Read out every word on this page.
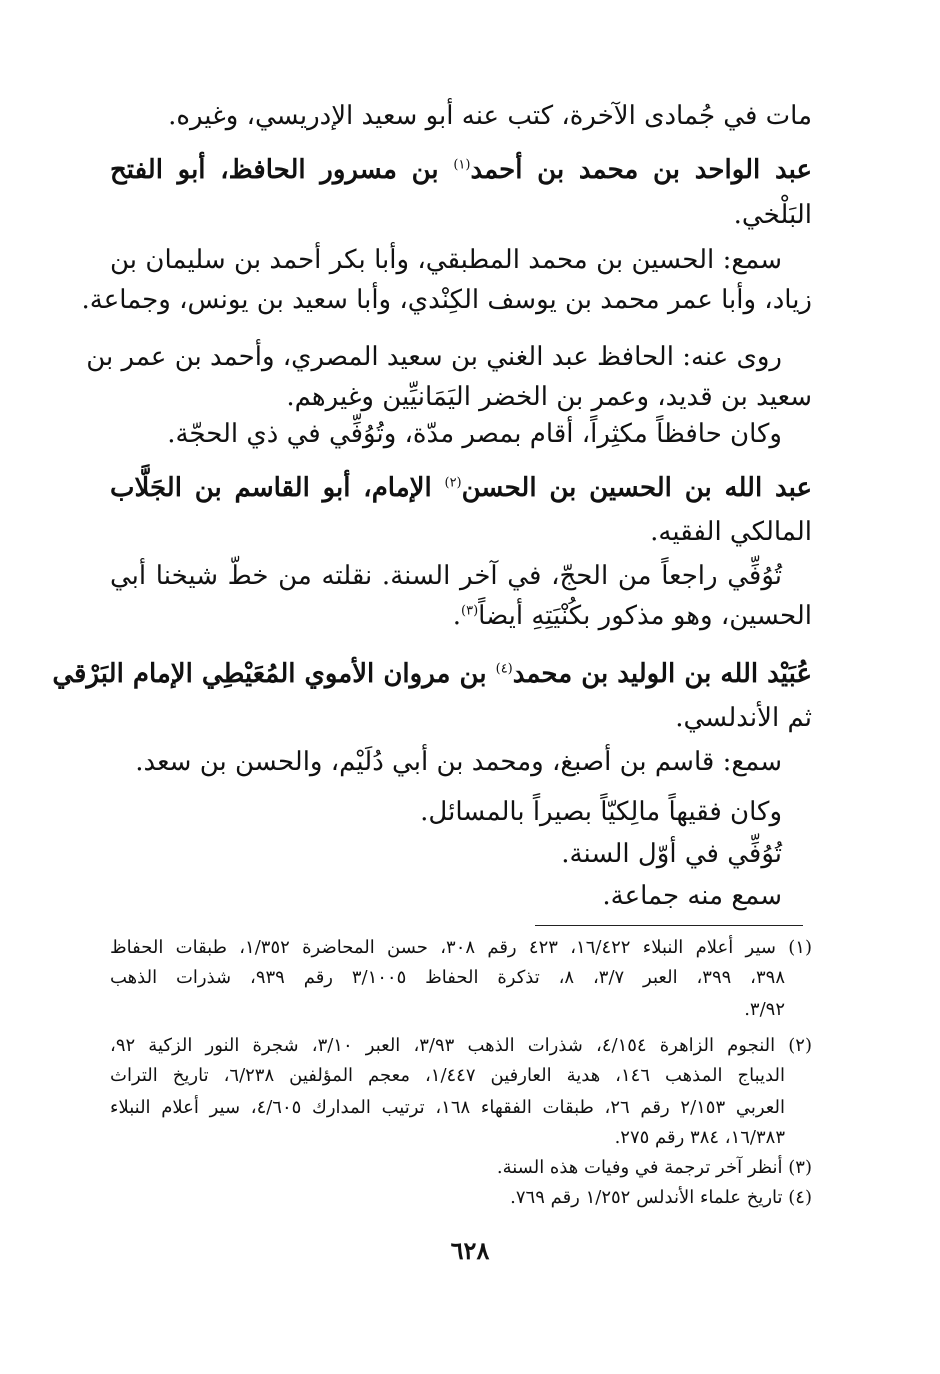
مات في جُمادى الآخرة، كتب عنه أبو سعيد الإدريسي، وغيره.
عبد الواحد بن محمد بن أحمد$^{(١)}$ بن مسرور الحافظ، أبو الفتح
البَلْخي.
سمع: الحسين بن محمد المطبقي، وأبا بكر أحمد بن سليمان بن
زياد، وأبا عمر محمد بن يوسف الكِنْدي، وأبا سعيد بن يونس، وجماعة.
روى عنه: الحافظ عبد الغني بن سعيد المصري، وأحمد بن عمر بن
سعيد بن قديد، وعمر بن الخضر اليَمَانيِّين وغيرهم.
وكان حافظاً مكثِراً، أقام بمصر مدّة، وتُوُفِّي في ذي الحجّة.
عبد الله بن الحسين بن الحسن$^{(٢)}$ الإمام، أبو القاسم بن الجَلَّاب
المالكي الفقيه.
تُوُفِّي راجعاً من الحجّ، في آخر السنة. نقلته من خطّ شيخنا أبي
الحسين، وهو مذكور بكُنْيَتِهِ أيضاً$^{(٣)}$.
عُبَيْد الله بن الوليد بن محمد$^{(٤)}$ بن مروان الأموي المُعَيْطِي الإمام البَرْقي
ثم الأندلسي.
سمع: قاسم بن أصبغ، ومحمد بن أبي دُلَيْم، والحسن بن سعد.
وكان فقيهاً مالِكيّاً بصيراً بالمسائل.
تُوُفِّي في أوّل السنة.
سمع منه جماعة.
(١) سير أعلام النبلاء ١٦/٤٢٢، ٤٢٣ رقم ٣٠٨، حسن المحاضرة ١/٣٥٢، طبقات الحفاظ
٣٩٨، ٣٩٩، العبر ٣/٧، ٨، تذكرة الحفاظ ٣/١٠٠٥ رقم ٩٣٩، شذرات الذهب
٣/٩٢.
(٢) النجوم الزاهرة ٤/١٥٤، شذرات الذهب ٣/٩٣، العبر ٣/١٠، شجرة النور الزكية ٩٢،
الديباج المذهب ١٤٦، هدية العارفين ١/٤٤٧، معجم المؤلفين ٦/٢٣٨، تاريخ التراث
العربي ٢/١٥٣ رقم ٢٦، طبقات الفقهاء ١٦٨، ترتيب المدارك ٤/٦٠٥، سير أعلام النبلاء
١٦/٣٨٣، ٣٨٤ رقم ٢٧٥.
(٣) أنظر آخر ترجمة في وفيات هذه السنة.
(٤) تاريخ علماء الأندلس ١/٢٥٢ رقم ٧٦٩.
٦٢٨
